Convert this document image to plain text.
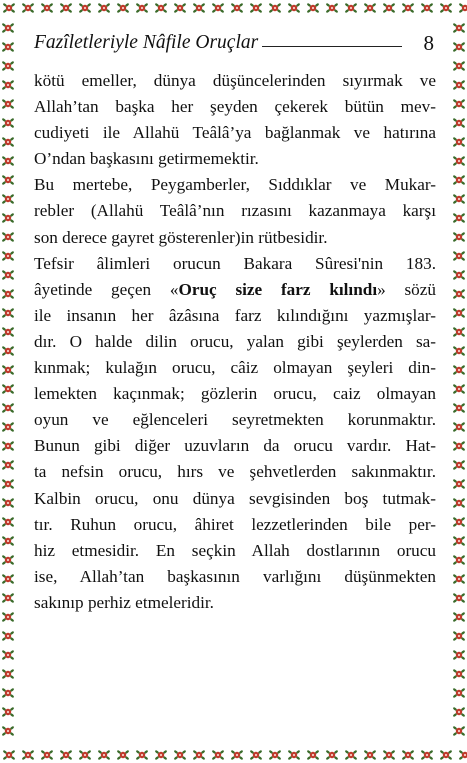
Fazîletleriyle Nâfile Oruçlar	8
kötü emeller, dünya düşüncelerinden sıyırmak ve
Allah’tan başka her şeyden çekerek bütün mev-
cudiyeti ile Allahü Teâlâ’ya bağlanmak ve hatırına
O’ndan başkasını getirmemektir.
Bu mertebe, Peygamberler, Sıddıklar ve Mukar-
rebler (Allahü Teâlâ’nın rızasını kazanmaya karşı
son derece gayret gösterenler)in rütbesidir.
Tefsir âlimleri orucun Bakara Sûresi'nin 183.
âyetinde geçen «Oruç size farz kılındı» sözü
ile insanın her âzâsına farz kılındığını yazmışlar-
dır. O halde dilin orucu, yalan gibi şeylerden sa-
kınmak; kulağın orucu, câiz olmayan şeyleri din-
lemekten kaçınmak; gözlerin orucu, caiz olmayan
oyun ve eğlenceleri seyretmekten korunmaktır.
Bunun gibi diğer uzuvların da orucu vardır. Hat-
ta nefsin orucu, hırs ve şehvetlerden sakınmaktır.
Kalbin orucu, onu dünya sevgisinden boş tutmak-
tır. Ruhun orucu, âhiret lezzetlerinden bile per-
hiz etmesidir. En seçkin Allah dostlarının orucu
ise, Allah’tan başkasının varlığını düşünmekten
sakınıp perhiz etmeleridir.
